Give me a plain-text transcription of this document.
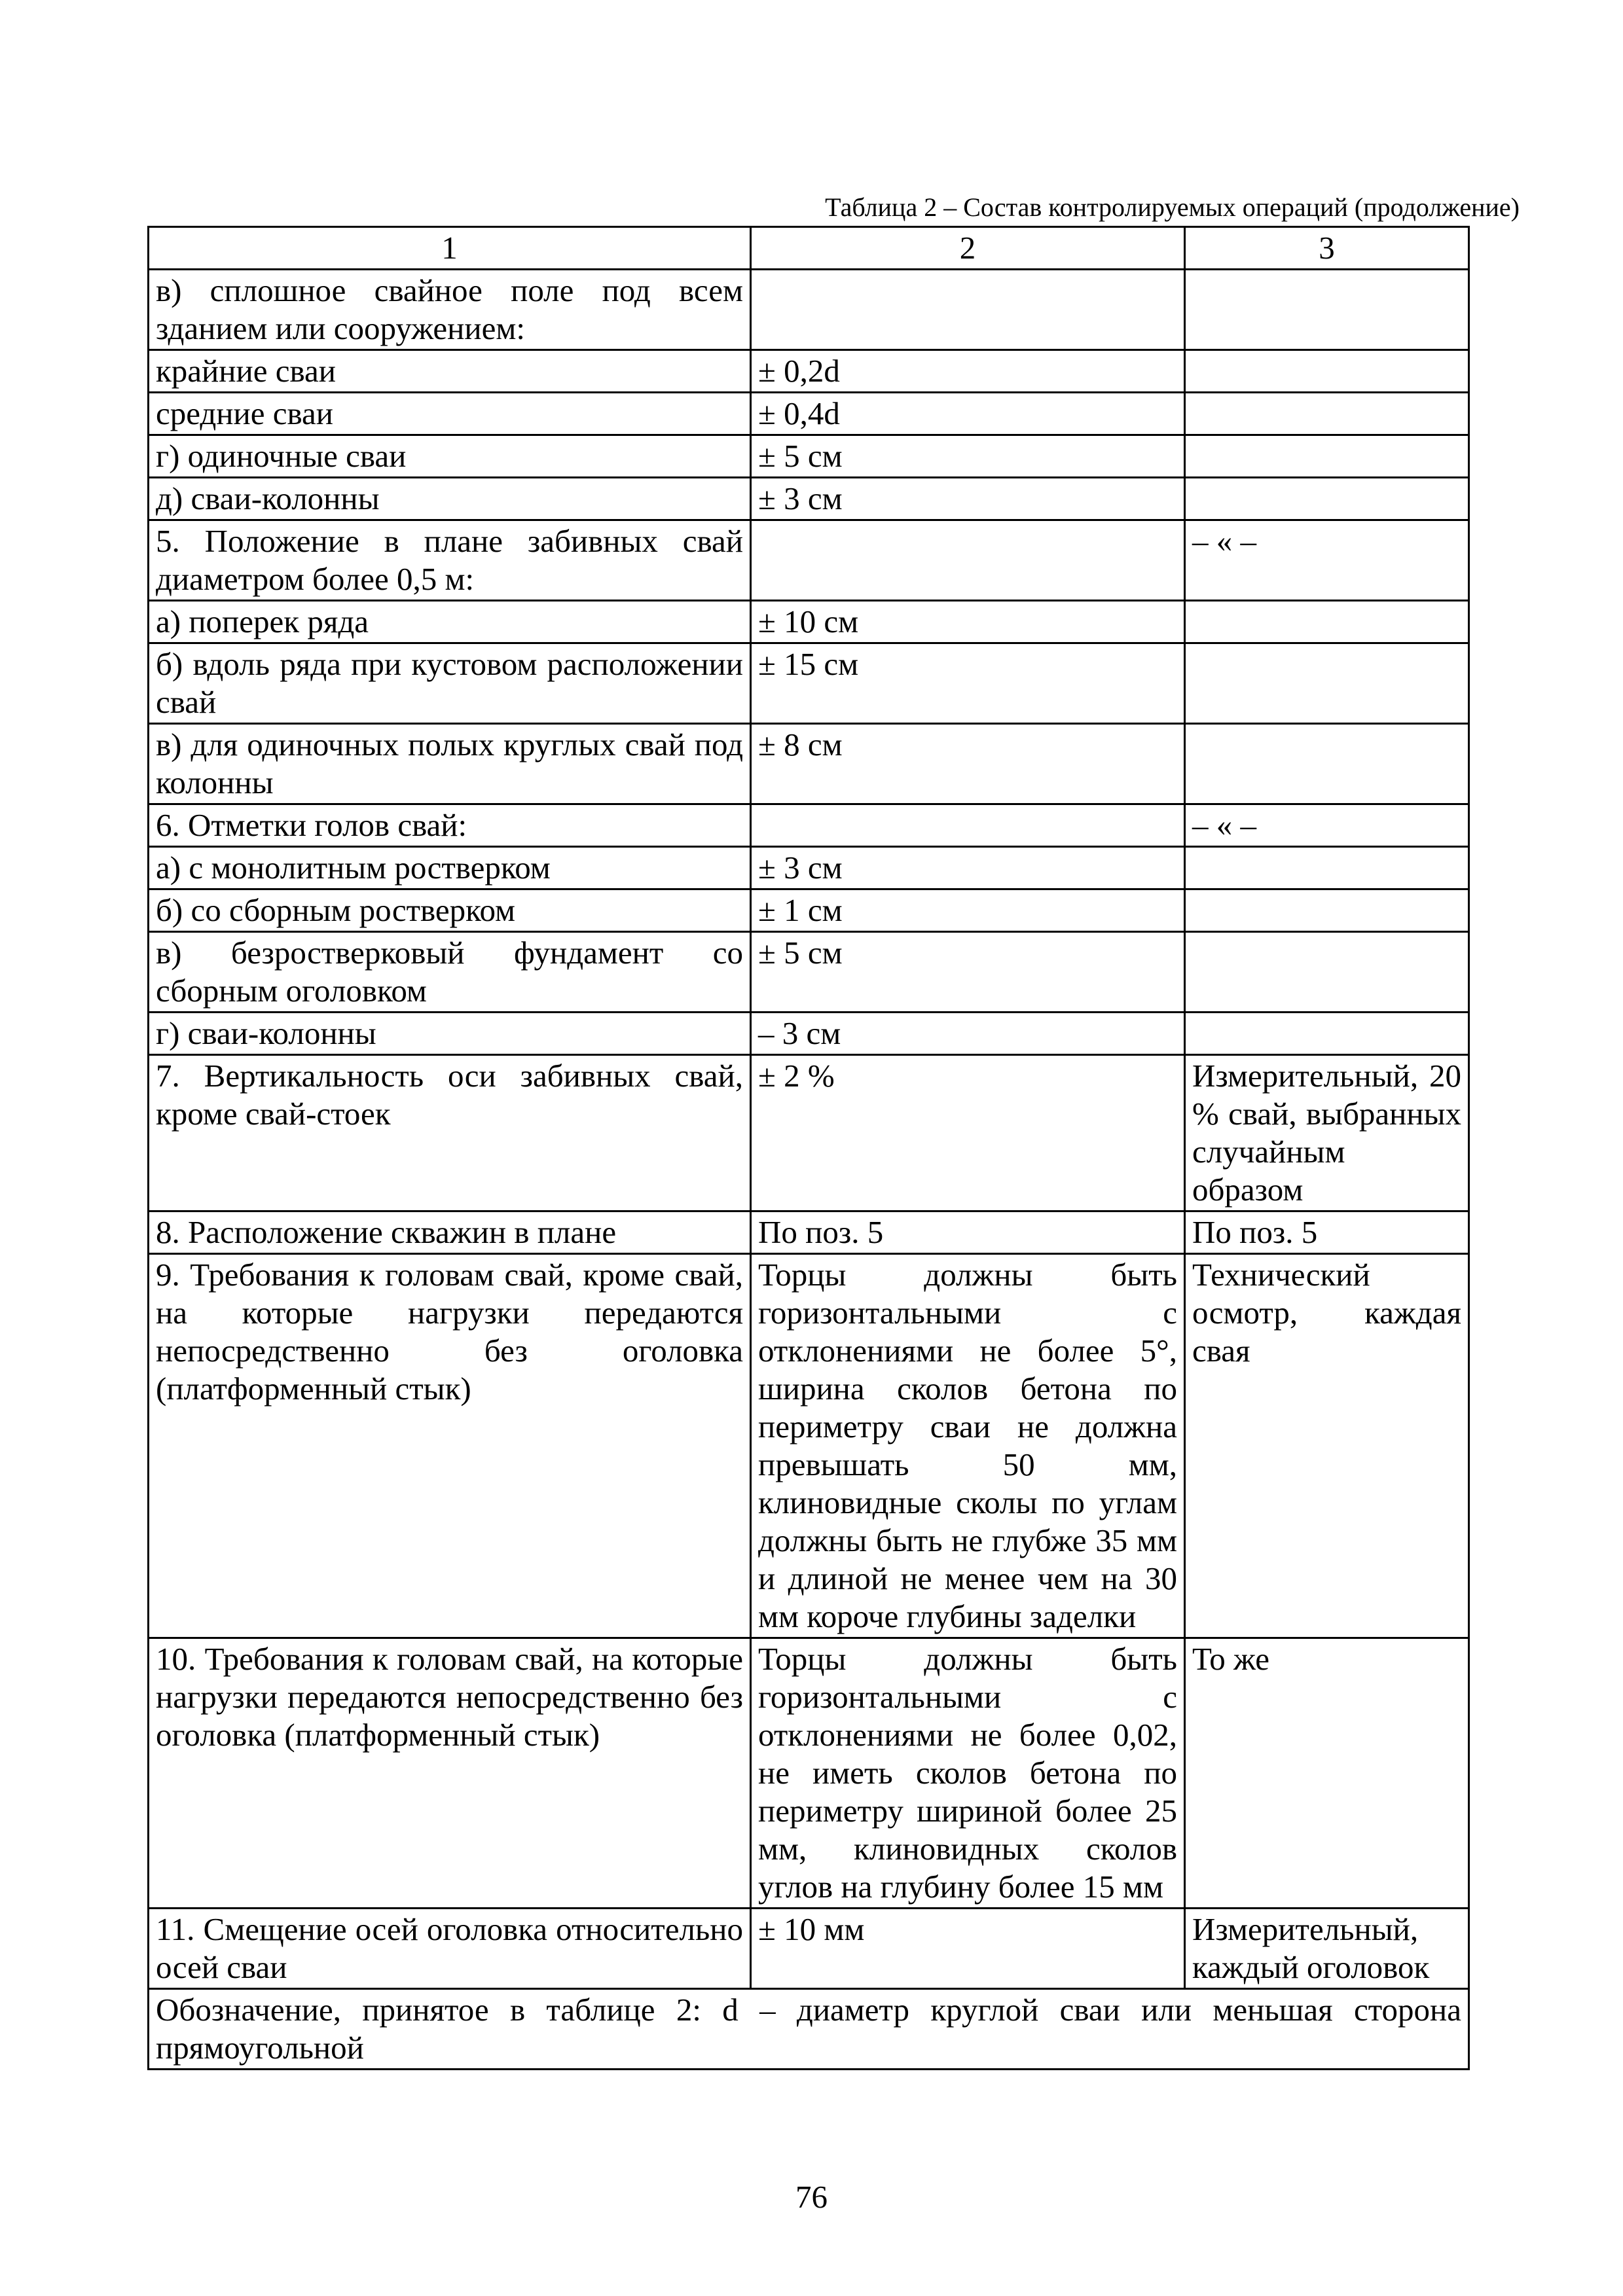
Таблица 2 – Состав контролируемых операций (продолжение)
1	2	3
в) сплошное свайное поле под всем зданием или сооружением:		
крайние сваи	± 0,2d	
средние сваи	± 0,4d	
г) одиночные сваи	± 5 см	
д) сваи-колонны	± 3 см	
5. Положение в плане забивных свай диаметром более 0,5 м:		– « –
а) поперек ряда	± 10 см	
б) вдоль ряда при кустовом расположении свай	± 15 см	
в) для одиночных полых круглых свай под колонны	± 8 см	
6. Отметки голов свай:		– « –
а) с монолитным ростверком	± 3 см	
б) со сборным ростверком	± 1 см	
в) безростверковый фундамент со сборным оголовком	± 5 см	
г) сваи-колонны	– 3 см	
7. Вертикальность оси забивных свай, кроме свай-стоек	± 2 %	Измерительный, 20 % свай, выбранных случайным образом
8. Расположение скважин в плане	По поз. 5	По поз. 5
9. Требования к головам свай, кроме свай, на которые нагрузки передаются непосредственно без оголовка (платформенный стык)	Торцы должны быть горизонтальными с отклонениями не более 5°, ширина сколов бетона по периметру сваи не должна превышать 50 мм, клиновидные сколы по углам должны быть не глубже 35 мм и длиной не менее чем на 30 мм короче глубины заделки	Технический осмотр, каждая свая
10. Требования к головам свай, на которые нагрузки передаются непосредственно без оголовка (платформенный стык)	Торцы должны быть горизонтальными с отклонениями не более 0,02, не иметь сколов бетона по периметру шириной более 25 мм, клиновидных сколов углов на глубину более 15 мм	То же
11. Смещение осей оголовка относительно осей сваи	± 10 мм	Измерительный, каждый оголовок
Обозначение, принятое в таблице 2: d – диаметр круглой сваи или меньшая сторона прямоугольной		
76
